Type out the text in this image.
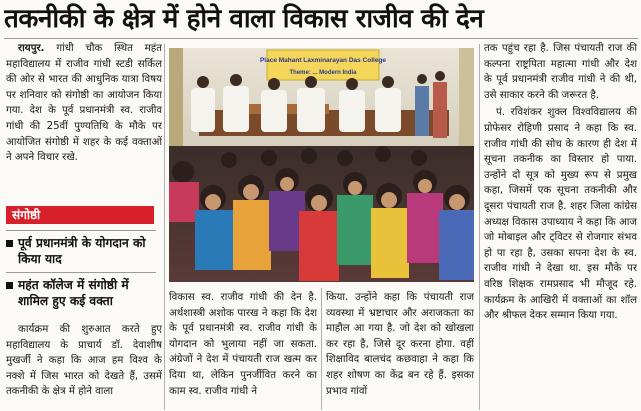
तकनीकी के क्षेत्र में होने वाला विकास राजीव की देन

रायपुर. गांधी चौक स्थित महंत महाविद्यालय में राजीव गांधी स्टडी सर्किल की ओर से भारत की आधुनिक यात्रा विषय पर शनिवार को संगोष्ठी का आयोजन किया गया. देश के पूर्व प्रधानमंत्री स्व. राजीव गांधी की 25वीं पुण्यतिथि के मौके पर आयोजित संगोष्ठी में शहर के कई वक्ताओं ने अपने विचार रखे.

संगोष्ठी
पूर्व प्रधानमंत्री के योगदान को किया याद
महंत कॉलेज में संगोष्ठी में शामिल हुए कई वक्ता
Place Mahant Laxminarayan Das College
Theme: ... Modern India

तक पहुंच रहा है. जिस पंचायती राज की कल्पना राष्ट्रपिता महात्मा गांधी और देश के पूर्व प्रधानमंत्री राजीव गांधी ने की थी, उसे साकार करने की जरूरत है.

पं. रविशंकर शुक्ल विश्वविद्यालय की प्रोफेसर रोहिणी प्रसाद ने कहा कि स्व. राजीव गांधी की सोच के कारण ही देश में सूचना तकनीक का विस्तार हो पाया. उन्होंने दो सूत्र को मुख्य रूप से प्रमुख कहा, जिसमें एक सूचना तकनीकी और दूसरा पंचायती राज है. शहर जिला कांग्रेस अध्यक्ष विकास उपाध्याय ने कहा कि आज जो मोबाइल और ट्विटर से रोजगार संभव हो पा रहा है, उसका सपना देश के स्व. राजीव गांधी ने देखा था. इस मौके पर वरिष्ठ शिक्षक रामप्रसाद भी मौजूद रहे. कार्यक्रम के आखिरी में वक्ताओं का शॉल और श्रीफल देकर सम्मान किया गया.

कार्यक्रम की शुरुआत करते हुए महाविद्यालय के प्राचार्य डॉ. देवाशीष मुखर्जी ने कहा कि आज हम विश्व के नक्शे में जिस भारत को देखते हैं, उसमें तकनीकी के क्षेत्र में होने वाला

विकास स्व. राजीव गांधी की देन है. अर्थशास्त्री अशोक पारख ने कहा कि देश के पूर्व प्रधानमंत्री स्व. राजीव गांधी के योगदान को भुलाया नहीं जा सकता. अंग्रेजों ने देश में पंचायती राज खत्म कर दिया था, लेकिन पुनर्जीवित करने का काम स्व. राजीव गांधी ने

किया. उन्होंने कहा कि पंचायती राज व्यवस्था में भ्रष्टाचार और अराजकता का माहौल आ गया है. जो देश को खोखला कर रहा है, जिसे दूर करना होगा. वहीं शिक्षाविद बालचंद कछवाहा ने कहा कि शहर शोषण का केंद्र बन रहे हैं. इसका प्रभाव गांवों
